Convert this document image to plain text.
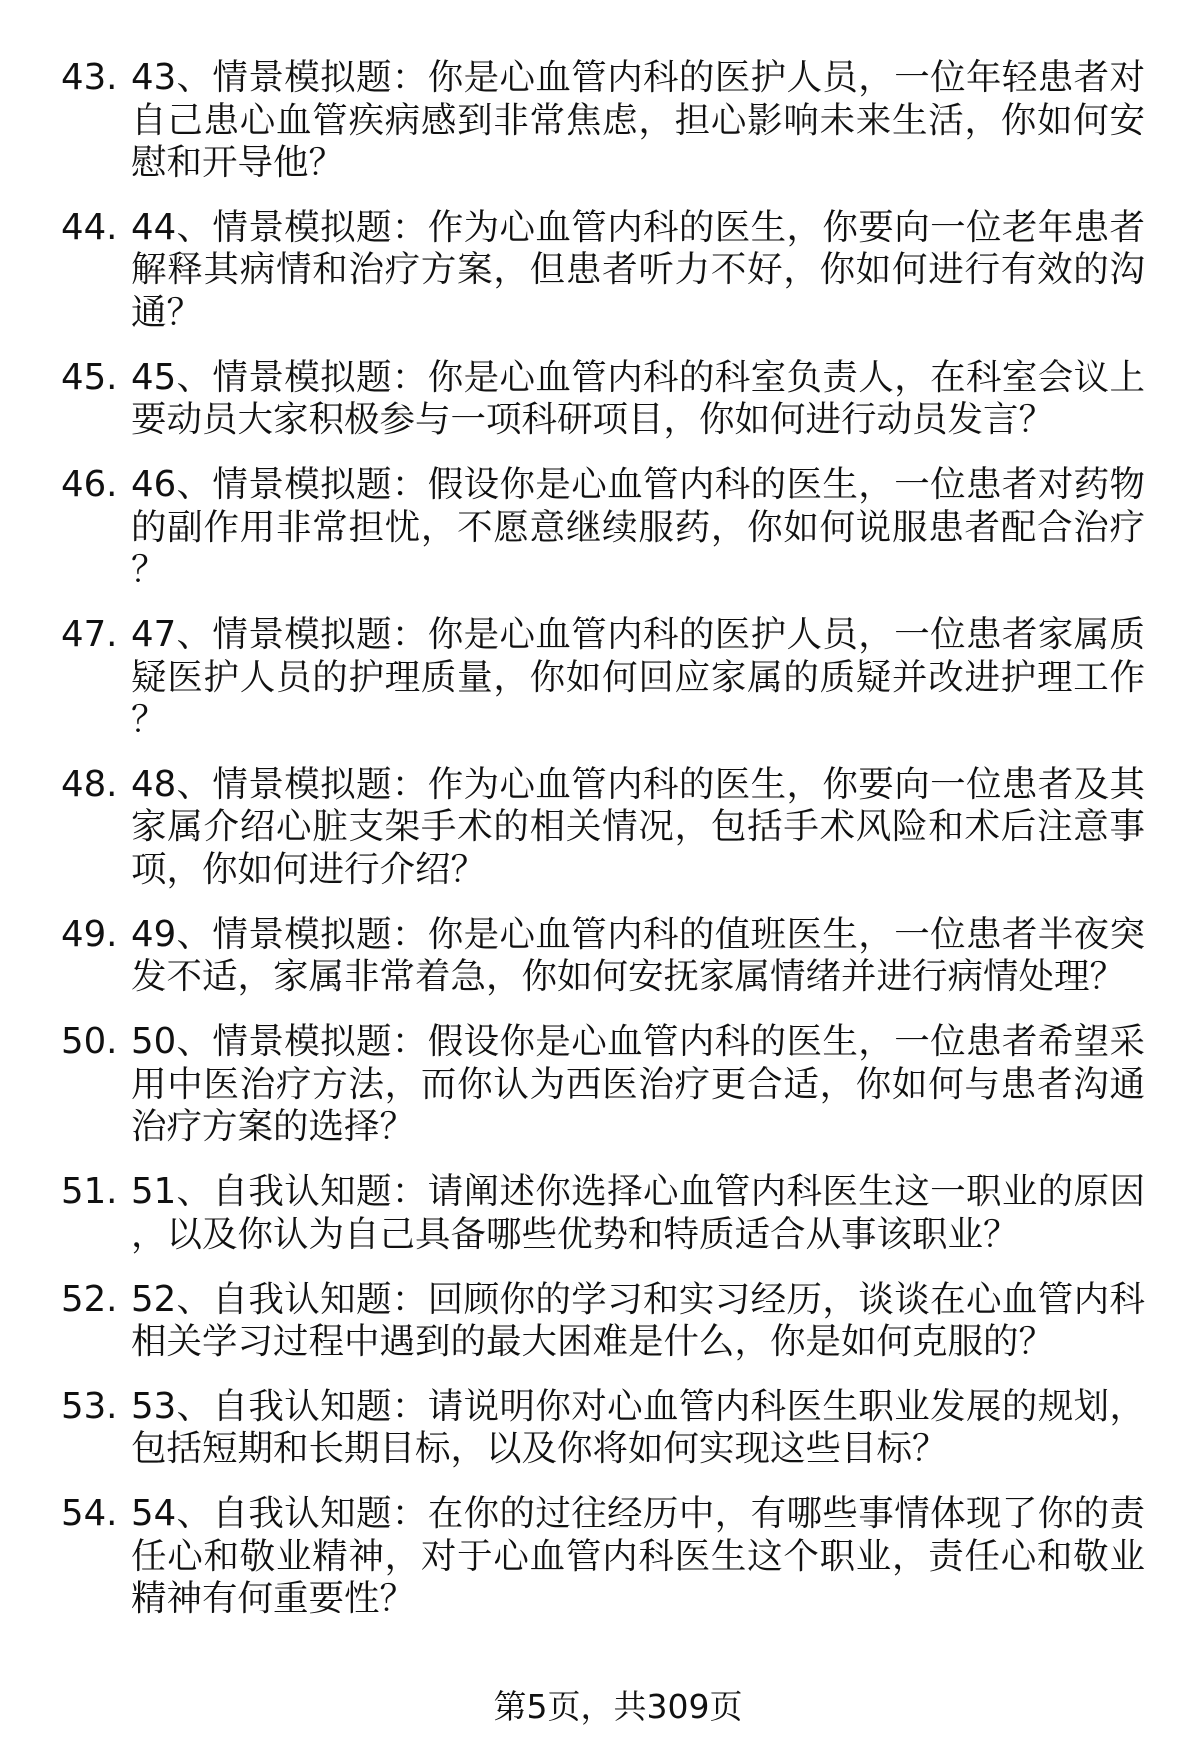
43. 43、情景模拟题：你是心血管内科的医护人员，一位年轻患者对自己患心血管疾病感到非常焦虑，担心影响未来生活，你如何安慰和开导他？
44. 44、情景模拟题：作为心血管内科的医生，你要向一位老年患者解释其病情和治疗方案，但患者听力不好，你如何进行有效的沟通？
45. 45、情景模拟题：你是心血管内科的科室负责人，在科室会议上要动员大家积极参与一项科研项目，你如何进行动员发言？
46. 46、情景模拟题：假设你是心血管内科的医生，一位患者对药物的副作用非常担忧，不愿意继续服药，你如何说服患者配合治疗？
47. 47、情景模拟题：你是心血管内科的医护人员，一位患者家属质疑医护人员的护理质量，你如何回应家属的质疑并改进护理工作？
48. 48、情景模拟题：作为心血管内科的医生，你要向一位患者及其家属介绍心脏支架手术的相关情况，包括手术风险和术后注意事项，你如何进行介绍？
49. 49、情景模拟题：你是心血管内科的值班医生，一位患者半夜突发不适，家属非常着急，你如何安抚家属情绪并进行病情处理？
50. 50、情景模拟题：假设你是心血管内科的医生，一位患者希望采用中医治疗方法，而你认为西医治疗更合适，你如何与患者沟通治疗方案的选择？
51. 51、自我认知题：请阐述你选择心血管内科医生这一职业的原因，以及你认为自己具备哪些优势和特质适合从事该职业？
52. 52、自我认知题：回顾你的学习和实习经历，谈谈在心血管内科相关学习过程中遇到的最大困难是什么，你是如何克服的？
53. 53、自我认知题：请说明你对心血管内科医生职业发展的规划，包括短期和长期目标，以及你将如何实现这些目标？
54. 54、自我认知题：在你的过往经历中，有哪些事情体现了你的责任心和敬业精神，对于心血管内科医生这个职业，责任心和敬业精神有何重要性？
第5页，共309页
